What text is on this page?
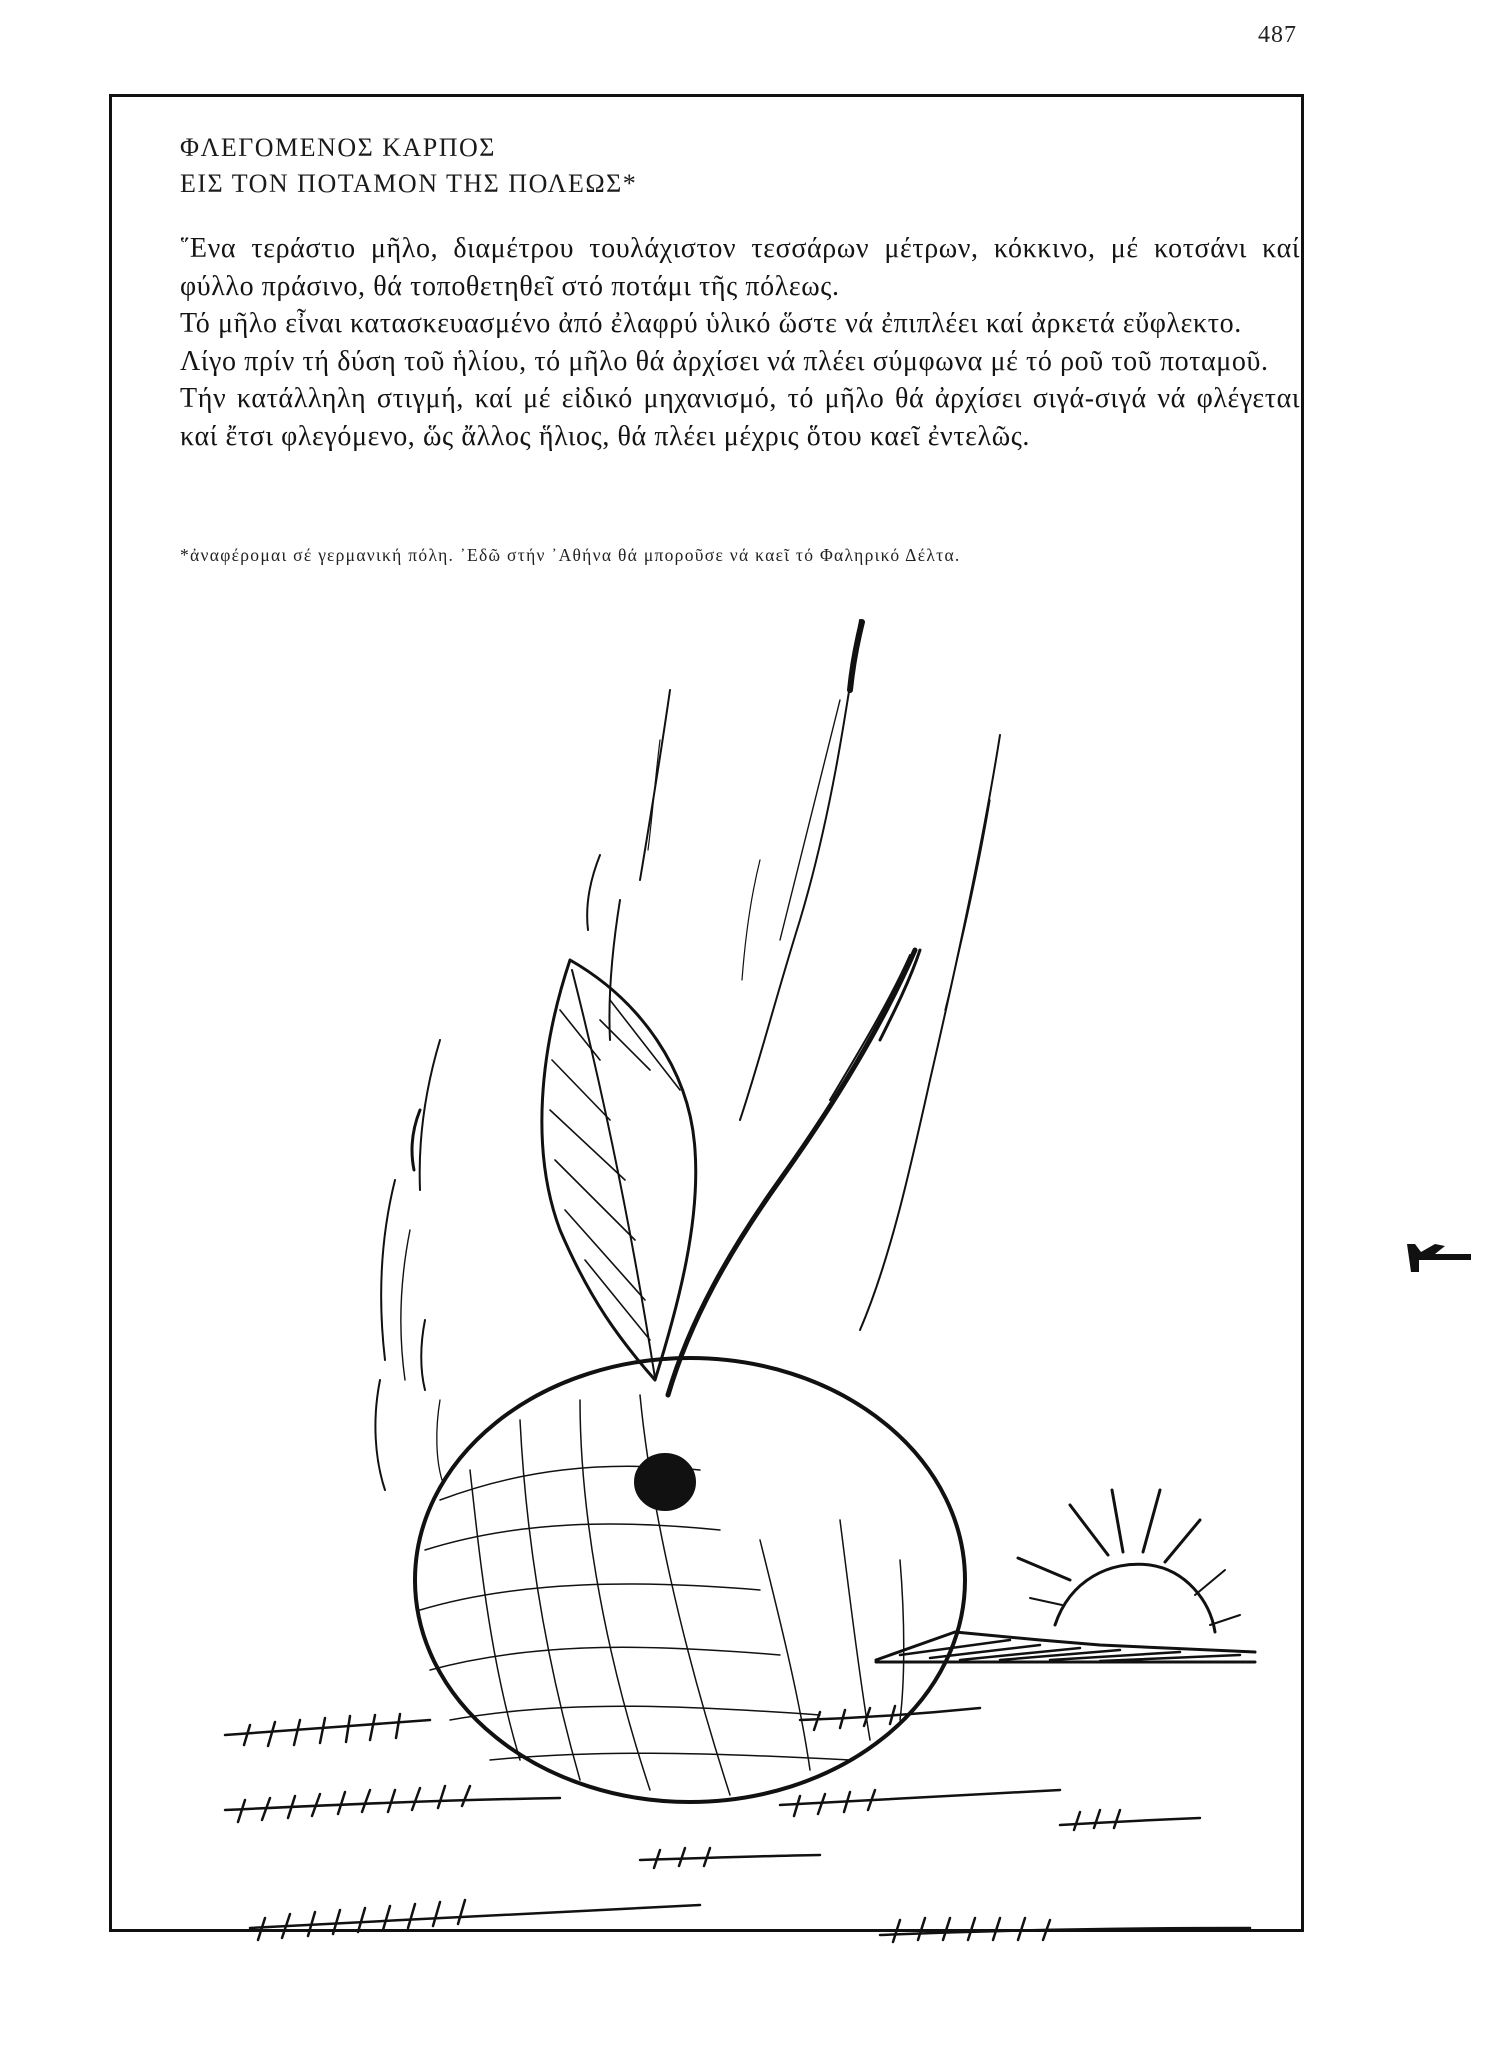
487
ΦΛΕΓΟΜΕΝΟΣ ΚΑΡΠΟΣ
ΕΙΣ ΤΟΝ ΠΟΤΑΜΟΝ ΤΗΣ ΠΟΛΕΩΣ*

῞Ενα τεράστιο μῆλο, διαμέτρου τουλάχιστον τεσσάρων μέτρων, κόκκινο, μέ κοτσάνι καί φύλλο πράσινο, θά τοποθετηθεῖ στό ποτάμι τῆς πόλεως.

Τό μῆλο εἶναι κατασκευασμένο ἀπό ἐλαφρύ ὑλικό ὥστε νά ἐπιπλέει καί ἀρκετά εὔφλεκτο.

Λίγο πρίν τή δύση τοῦ ἡλίου, τό μῆλο θά ἀρχίσει νά πλέει σύμφωνα μέ τό ροῦ τοῦ ποταμοῦ.

Τήν κατάλληλη στιγμή, καί μέ εἰδικό μηχανισμό, τό μῆλο θά ἀρχίσει σιγά-σιγά νά φλέγεται καί ἔτσι φλεγόμενο, ὥς ἄλλος ἥλιος, θά πλέει μέχρις ὅτου καεῖ ἐντελῶς.

*ἀναφέρομαι σέ γερμανική πόλη. ᾿Εδῶ στήν ᾿Αθήνα θά μποροῦσε νά καεῖ τό Φαληρικό Δέλτα.
